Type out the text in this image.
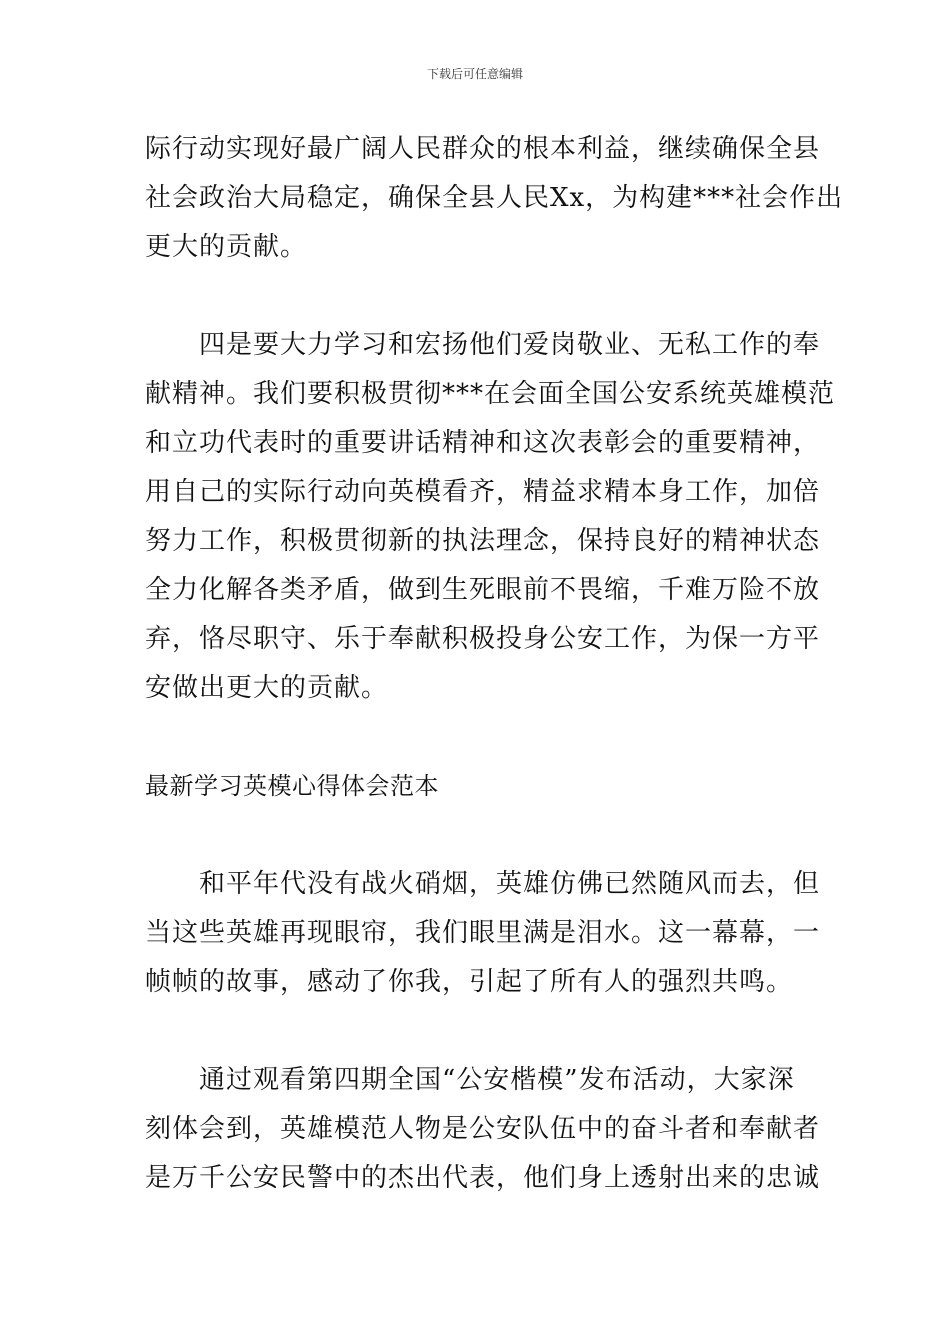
下载后可任意编辑
际行动实现好最广阔人民群众的根本利益，继续确保全县
社会政治大局稳定，确保全县人民Xx，为构建***社会作出
更大的贡献。
四是要大力学习和宏扬他们爱岗敬业、无私工作的奉
献精神。我们要积极贯彻***在会面全国公安系统英雄模范
和立功代表时的重要讲话精神和这次表彰会的重要精神，
用自己的实际行动向英模看齐，精益求精本身工作，加倍
努力工作，积极贯彻新的执法理念，保持良好的精神状态
全力化解各类矛盾，做到生死眼前不畏缩，千难万险不放
弃，恪尽职守、乐于奉献积极投身公安工作，为保一方平
安做出更大的贡献。
最新学习英模心得体会范本
和平年代没有战火硝烟，英雄仿佛已然随风而去，但
当这些英雄再现眼帘，我们眼里满是泪水。这一幕幕，一
帧帧的故事，感动了你我，引起了所有人的强烈共鸣。
通过观看第四期全国“公安楷模”发布活动，大家深
刻体会到，英雄模范人物是公安队伍中的奋斗者和奉献者
是万千公安民警中的杰出代表，他们身上透射出来的忠诚
